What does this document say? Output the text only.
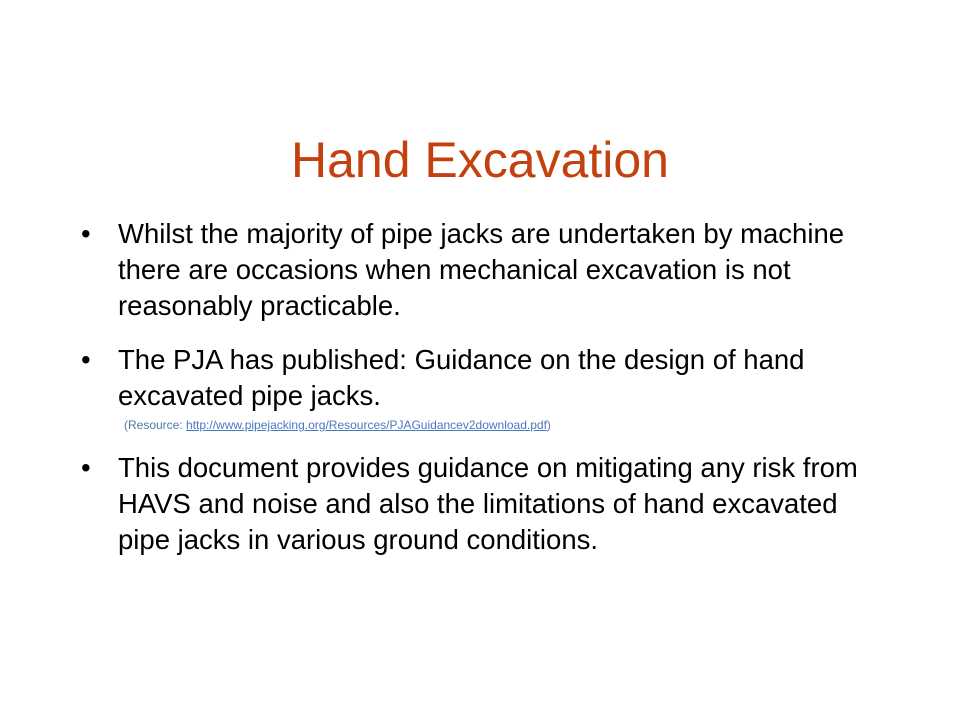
Hand Excavation
• Whilst the majority of pipe jacks are undertaken by machine there are occasions when mechanical excavation is not reasonably practicable.
• The PJA has published: Guidance on the design of hand excavated pipe jacks.
(Resource: http://www.pipejacking.org/Resources/PJAGuidancev2download.pdf)
• This document provides guidance on mitigating any risk from HAVS and noise and also the limitations of hand excavated pipe jacks in various ground conditions.
